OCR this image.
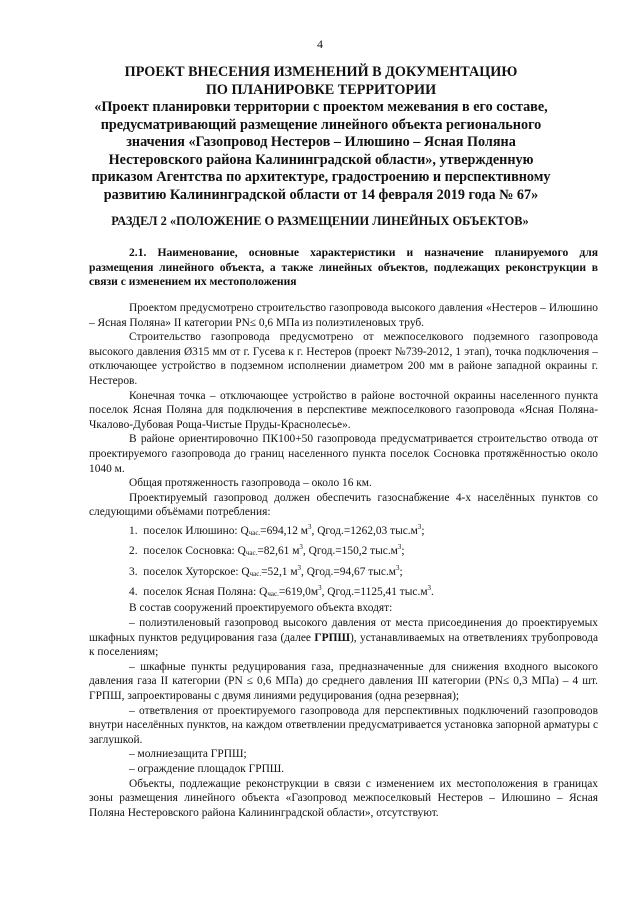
4
ПРОЕКТ ВНЕСЕНИЯ ИЗМЕНЕНИЙ В ДОКУМЕНТАЦИЮ
ПО ПЛАНИРОВКЕ ТЕРРИТОРИИ
«Проект планировки территории с проектом межевания в его составе,
предусматривающий размещение линейного объекта регионального
значения «Газопровод Нестеров – Илюшино – Ясная Поляна
Нестеровского района Калининградской области», утвержденную
приказом Агентства по архитектуре, градостроению и перспективному
развитию Калининградской области от 14 февраля 2019 года № 67»
РАЗДЕЛ 2 «ПОЛОЖЕНИЕ О РАЗМЕЩЕНИИ ЛИНЕЙНЫХ ОБЪЕКТОВ»
2.1. Наименование, основные характеристики и назначение планируемого для размещения линейного объекта, а также линейных объектов, подлежащих реконструкции в связи с изменением их местоположения

Проектом предусмотрено строительство газопровода высокого давления «Нестеров – Илюшино – Ясная Поляна» II категории PN≤ 0,6 МПа из полиэтиленовых труб.

Строительство газопровода предусмотрено от межпоселкового подземного газопровода высокого давления Ø315 мм от г. Гусева к г. Нестеров (проект №739-2012, 1 этап), точка подключения – отключающее устройство в подземном исполнении диаметром 200 мм в районе западной окраины г. Нестеров.

Конечная точка – отключающее устройство в районе восточной окраины населенного пункта поселок Ясная Поляна для подключения в перспективе межпоселкового газопровода «Ясная Поляна-Чкалово-Дубовая Роща-Чистые Пруды-Краснолесье».

В районе ориентировочно ПК100+50 газопровода предусматривается строительство отвода от проектируемого газопровода до границ населенного пункта поселок Сосновка протяжённостью около 1040 м.

Общая протяженность газопровода – около 16 км.

Проектируемый газопровод должен обеспечить газоснабжение 4-х населённых пунктов со следующими объёмами потребления:

1. поселок Илюшино: $Q_{час.}=694,12$ $м^3$, Qгод.=1262,03 $тыс.м^3$;

2. поселок Сосновка: $Q_{час.}=82,61$ $м^3$, Qгод.=150,2 $тыс.м^3$;

3. поселок Хуторское: $Q_{час.}=52,1$ $м^3$, Qгод.=94,67 $тыс.м^3$;

4. поселок Ясная Поляна: $Q_{час.}=619,0м^3$, Qгод.=1125,41 $тыс.м^3$.

В состав сооружений проектируемого объекта входят:

– полиэтиленовый газопровод высокого давления от места присоединения до проектируемых шкафных пунктов редуцирования газа (далее ГРПШ), устанавливаемых на ответвлениях трубопровода к поселениям;

– шкафные пункты редуцирования газа, предназначенные для снижения входного высокого давления газа II категории (PN ≤ 0,6 МПа) до среднего давления III категории (PN≤ 0,3 МПа) – 4 шт. ГРПШ, запроектированы с двумя линиями редуцирования (одна резервная);

– ответвления от проектируемого газопровода для перспективных подключений газопроводов внутри населённых пунктов, на каждом ответвлении предусматривается установка запорной арматуры с заглушкой.

– молниезащита ГРПШ;

– ограждение площадок ГРПШ.

Объекты, подлежащие реконструкции в связи с изменением их местоположения в границах зоны размещения линейного объекта «Газопровод межпоселковый Нестеров – Илюшино – Ясная Поляна Нестеровского района Калининградской области», отсутствуют.
